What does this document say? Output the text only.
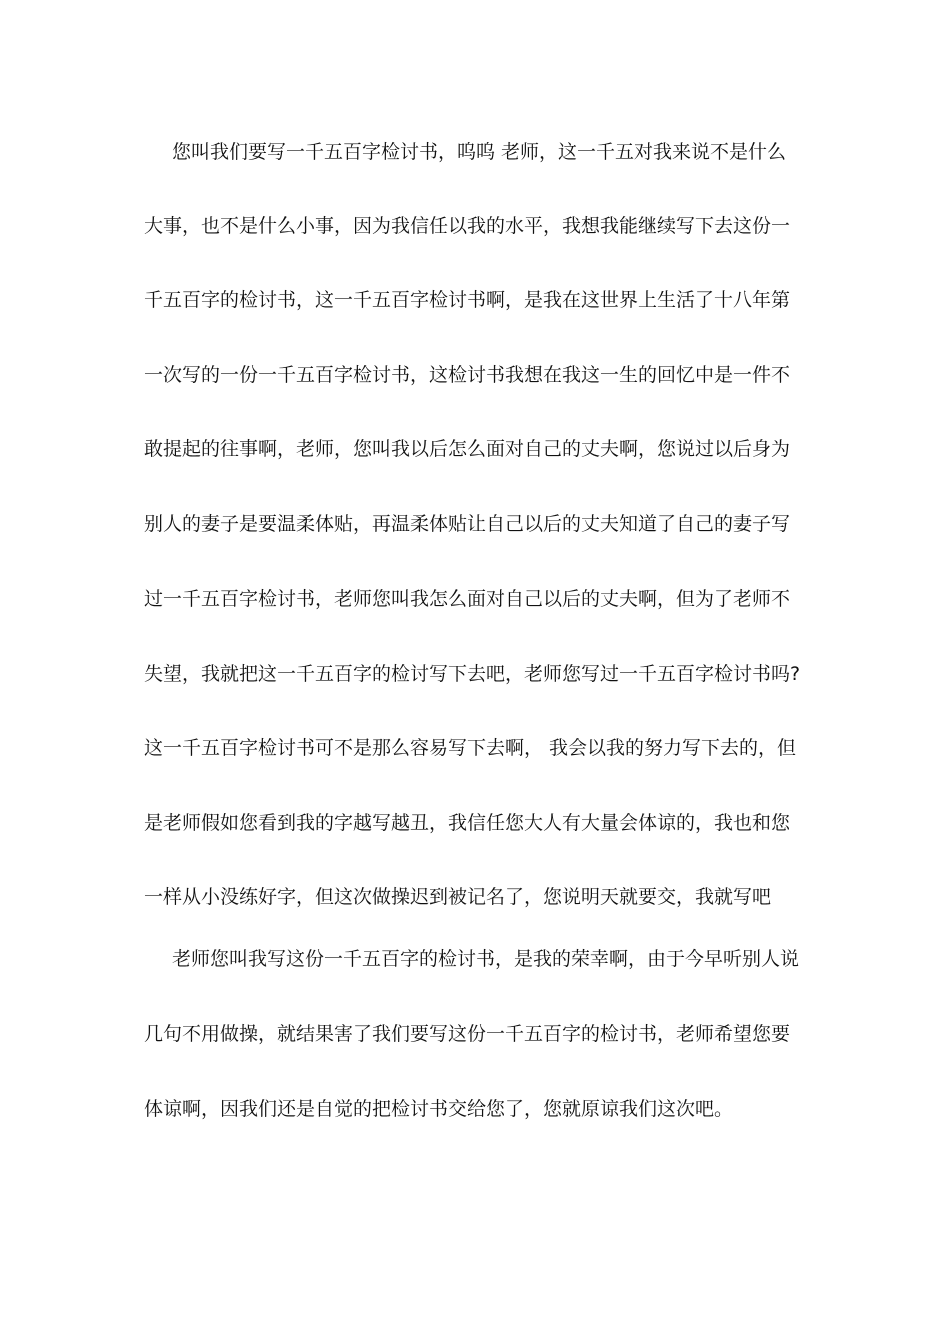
您叫我们要写一千五百字检讨书，呜呜 老师，这一千五对我来说不是什么
大事，也不是什么小事，因为我信任以我的水平，我想我能继续写下去这份一
千五百字的检讨书，这一千五百字检讨书啊，是我在这世界上生活了十八年第
一次写的一份一千五百字检讨书，这检讨书我想在我这一生的回忆中是一件不
敢提起的往事啊，老师，您叫我以后怎么面对自己的丈夫啊，您说过以后身为
别人的妻子是要温柔体贴，再温柔体贴让自己以后的丈夫知道了自己的妻子写
过一千五百字检讨书，老师您叫我怎么面对自己以后的丈夫啊，但为了老师不
失望，我就把这一千五百字的检讨写下去吧，老师您写过一千五百字检讨书吗?
这一千五百字检讨书可不是那么容易写下去啊， 我会以我的努力写下去的，但
是老师假如您看到我的字越写越丑，我信任您大人有大量会体谅的，我也和您
一样从小没练好字，但这次做操迟到被记名了，您说明天就要交，我就写吧
老师您叫我写这份一千五百字的检讨书，是我的荣幸啊，由于今早听别人说
几句不用做操，就结果害了我们要写这份一千五百字的检讨书，老师希望您要
体谅啊，因我们还是自觉的把检讨书交给您了，您就原谅我们这次吧。
